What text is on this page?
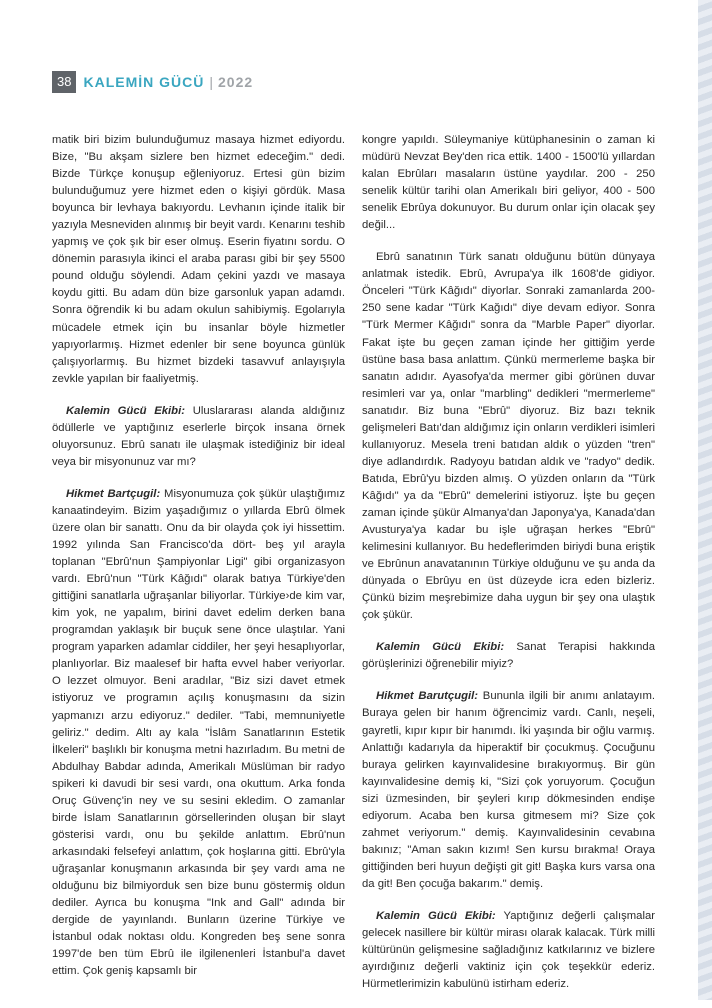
38 KALEMİN GÜCÜ | 2022

matik biri bizim bulunduğumuz masaya hizmet ediyordu. Bize, "Bu akşam sizlere ben hizmet edeceğim." dedi. Bizde Türkçe konuşup eğleniyoruz. Ertesi gün bizim bulunduğumuz yere hizmet eden o kişiyi gördük. Masa boyunca bir levhaya bakıyordu. Levhanın içinde italik bir yazıyla Mesneviden alınmış bir beyit vardı. Kenarını teshib yapmış ve çok şık bir eser olmuş. Eserin fiyatını sordu. O dönemin parasıyla ikinci el araba parası gibi bir şey 5500 pound olduğu söylendi. Adam çekini yazdı ve masaya koydu gitti. Bu adam dün bize garsonluk yapan adamdı. Sonra öğrendik ki bu adam okulun sahibiymiş. Egolarıyla mücadele etmek için bu insanlar böyle hizmetler yapıyorlarmış. Hizmet edenler bir sene boyunca günlük çalışıyorlarmış. Bu hizmet bizdeki tasavvuf anlayışıyla zevkle yapılan bir faaliyetmiş.

Kalemin Gücü Ekibi: Uluslararası alanda aldığınız ödüllerle ve yaptığınız eserlerle birçok insana örnek oluyorsunuz. Ebrû sanatı ile ulaşmak istediğiniz bir ideal veya bir misyonunuz var mı?

Hikmet Bartçugil: Misyonumuza çok şükür ulaştığımız kanaatindeyim. Bizim yaşadığımız o yıllarda Ebrû ölmek üzere olan bir sanattı. Onu da bir olayda çok iyi hissettim. 1992 yılında San Francisco'da dört- beş yıl arayla toplanan "Ebrû'nun Şampiyonlar Ligi" gibi organizasyon vardı. Ebrû'nun "Türk Kâğıdı" olarak batıya Türkiye'den gittiğini sanatlarla uğraşanlar biliyorlar. Türkiye›de kim var, kim yok, ne yapalım, birini davet edelim derken bana programdan yaklaşık bir buçuk sene önce ulaştılar. Yani program yaparken adamlar ciddiler, her şeyi hesaplıyorlar, planlıyorlar. Biz maalesef bir hafta evvel haber veriyorlar. O lezzet olmuyor. Beni aradılar, "Biz sizi davet etmek istiyoruz ve programın açılış konuşmasını da sizin yapmanızı arzu ediyoruz." dediler. "Tabi, memnuniyetle geliriz." dedim. Altı ay kala "İslâm Sanatlarının Estetik İlkeleri" başlıklı bir konuşma metni hazırladım. Bu metni de Abdulhay Babdar adında, Amerikalı Müslüman bir radyo spikeri ki davudi bir sesi vardı, ona okuttum. Arka fonda Oruç Güvenç'in ney ve su sesini ekledim. O zamanlar birde İslam Sanatlarının görsellerinden oluşan bir slayt gösterisi vardı, onu bu şekilde anlattım. Ebrû'nun arkasındaki felsefeyi anlattım, çok hoşlarına gitti. Ebrû'yla uğraşanlar konuşmanın arkasında bir şey vardı ama ne olduğunu biz bilmiyorduk sen bize bunu göstermiş oldun dediler. Ayrıca bu konuşma "Ink and Gall" adında bir dergide de yayınlandı. Bunların üzerine Türkiye ve İstanbul odak noktası oldu. Kongreden beş sene sonra 1997'de ben tüm Ebrû ile ilgilenenleri İstanbul'a davet ettim. Çok geniş kapsamlı bir

kongre yapıldı. Süleymaniye kütüphanesinin o zaman ki müdürü Nevzat Bey'den rica ettik. 1400 - 1500'lü yıllardan kalan Ebrûları masaların üstüne yaydılar. 200 - 250 senelik kültür tarihi olan Amerikalı biri geliyor, 400 - 500 senelik Ebrûya dokunuyor. Bu durum onlar için olacak şey değil...

Ebrû sanatının Türk sanatı olduğunu bütün dünyaya anlatmak istedik. Ebrû, Avrupa'ya ilk 1608'de gidiyor. Önceleri "Türk Kâğıdı" diyorlar. Sonraki zamanlarda 200-250 sene kadar "Türk Kağıdı" diye devam ediyor. Sonra "Türk Mermer Kâğıdı" sonra da "Marble Paper" diyorlar. Fakat işte bu geçen zaman içinde her gittiğim yerde üstüne basa basa anlattım. Çünkü mermerleme başka bir sanatın adıdır. Ayasofya'da mermer gibi görünen duvar resimleri var ya, onlar "marbling" dedikleri "mermerleme" sanatıdır. Biz buna "Ebrû" diyoruz. Biz bazı teknik gelişmeleri Batı'dan aldığımız için onların verdikleri isimleri kullanıyoruz. Mesela treni batıdan aldık o yüzden "tren" diye adlandırdık. Radyoyu batıdan aldık ve "radyo" dedik. Batıda, Ebrû'yu bizden almış. O yüzden onların da "Türk Kâğıdı" ya da "Ebrû" demelerini istiyoruz. İşte bu geçen zaman içinde şükür Almanya'dan Japonya'ya, Kanada'dan Avusturya'ya kadar bu işle uğraşan herkes "Ebrû" kelimesini kullanıyor. Bu hedeflerimden biriydi buna eriştik ve Ebrûnun anavatanının Türkiye olduğunu ve şu anda da dünyada o Ebrûyu en üst düzeyde icra eden bizleriz. Çünkü bizim meşrebimize daha uygun bir şey ona ulaştık çok şükür.

Kalemin Gücü Ekibi: Sanat Terapisi hakkında görüşlerinizi öğrenebilir miyiz?

Hikmet Barutçugil: Bununla ilgili bir anımı anlatayım. Buraya gelen bir hanım öğrencimiz vardı. Canlı, neşeli, gayretli, kıpır kıpır bir hanımdı. İki yaşında bir oğlu varmış. Anlattığı kadarıyla da hiperaktif bir çocukmuş. Çocuğunu buraya gelirken kayınvalidesine bırakıyormuş. Bir gün kayınvalidesine demiş ki, "Sizi çok yoruyorum. Çocuğun sizi üzmesinden, bir şeyleri kırıp dökmesinden endişe ediyorum. Acaba ben kursa gitmesem mi? Size çok zahmet veriyorum." demiş. Kayınvalidesinin cevabına bakınız; "Aman sakın kızım! Sen kursu bırakma! Oraya gittiğinden beri huyun değişti git git! Başka kurs varsa ona da git! Ben çocuğa bakarım." demiş.

Kalemin Gücü Ekibi: Yaptığınız değerli çalışmalar gelecek nasillere bir kültür mirası olarak kalacak. Türk milli kültürünün gelişmesine sağladığınız katkılarınız ve bizlere ayırdığınız değerli vaktiniz için çok teşekkür ederiz. Hürmetlerimizin kabulünü istirham ederiz.
